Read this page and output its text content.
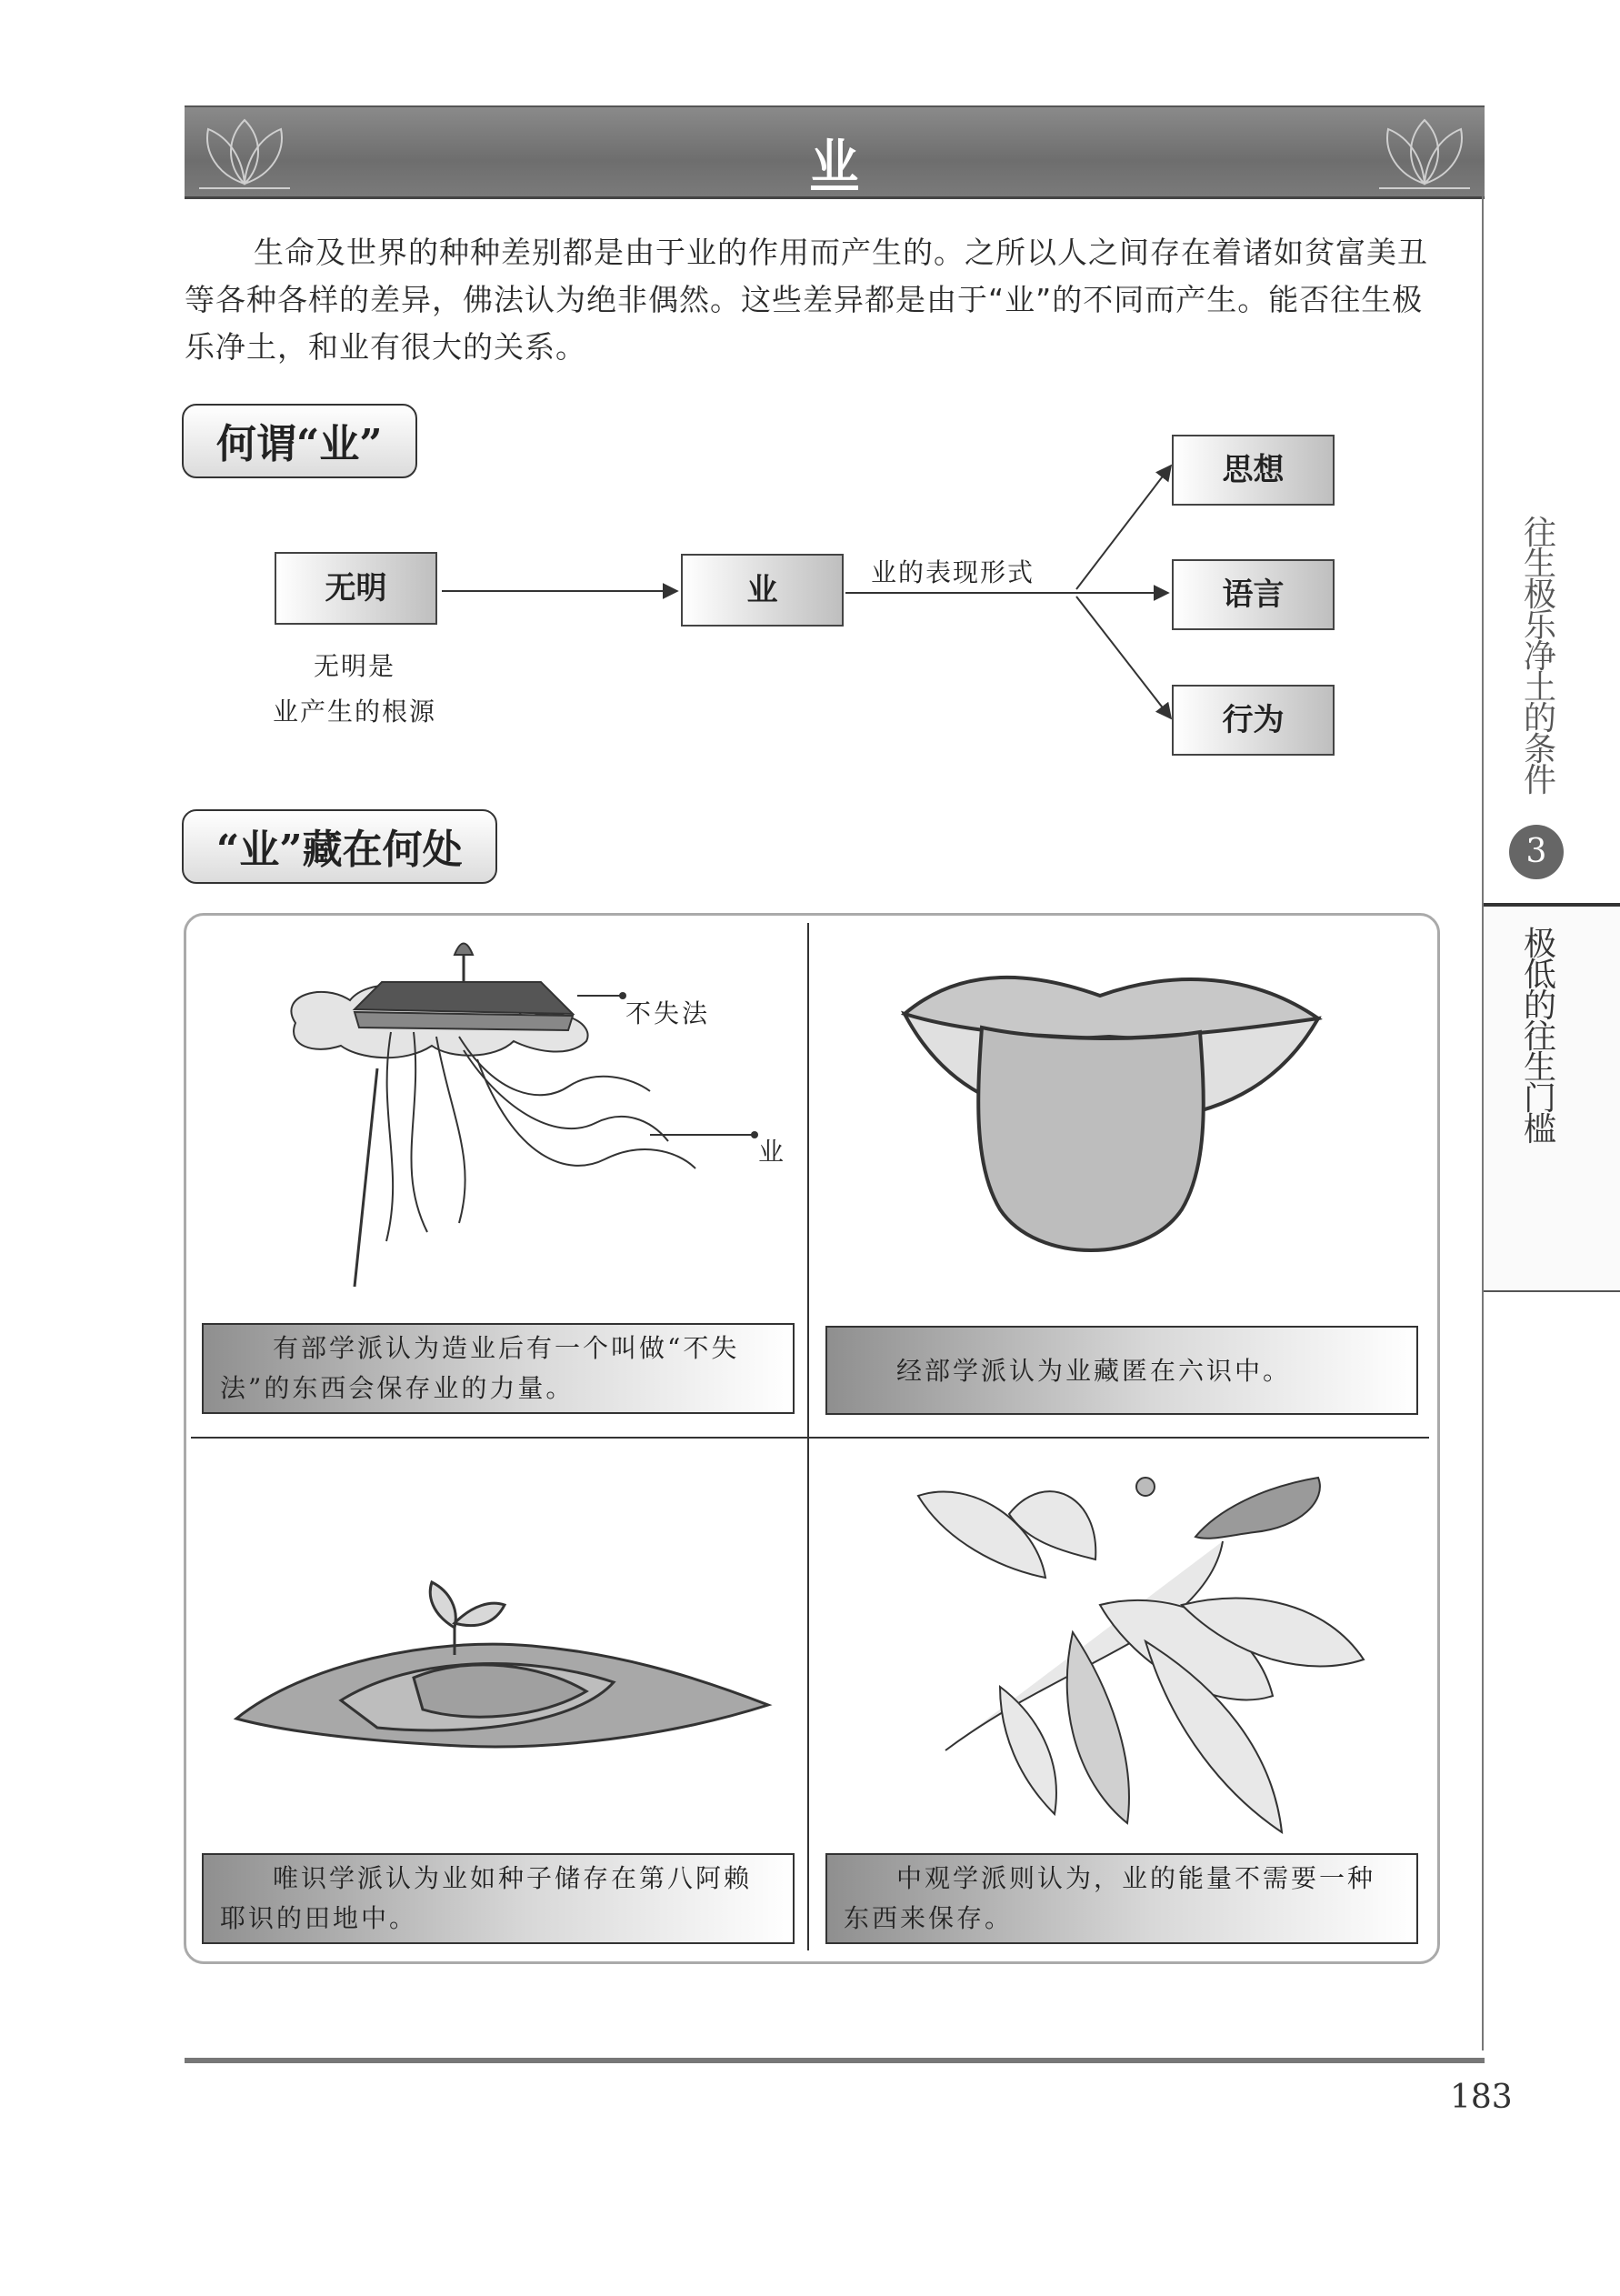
业
生命及世界的种种差别都是由于业的作用而产生的。之所以人之间存在着诸如贫富美丑等各种各样的差异，佛法认为绝非偶然。这些差异都是由于“业”的不同而产生。能否往生极乐净土，和业有很大的关系。
何谓“业”
无明
无明是
业产生的根源
业	业的表现形式
思想
语言
行为
“业”藏在何处
不失法
业
有部学派认为造业后有一个叫做“不失法”的东西会保存业的力量。
经部学派认为业藏匿在六识中。
唯识学派认为业如种子储存在第八阿赖耶识的田地中。
中观学派则认为，业的能量不需要一种东西来保存。
往生极乐净土的条件
3
极低的往生门槛
183
